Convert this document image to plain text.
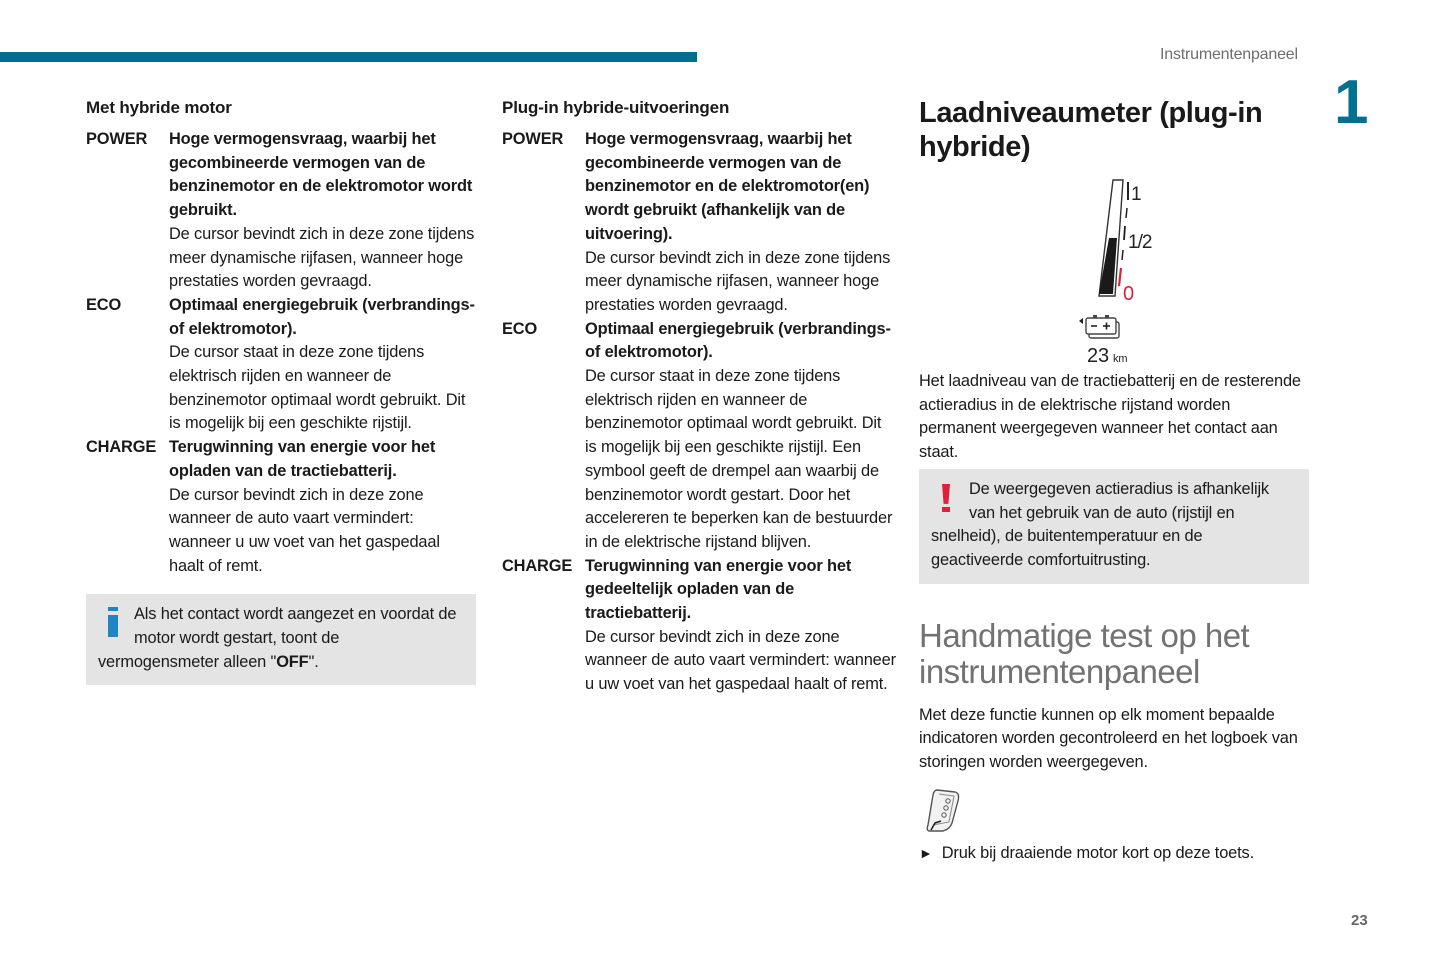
Instrumentenpaneel
1
Met hybride motor
POWER	Hoge vermogensvraag, waarbij het gecombineerde vermogen van de benzinemotor en de elektromotor wordt gebruikt.
De cursor bevindt zich in deze zone tijdens meer dynamische rijfasen, wanneer hoge prestaties worden gevraagd.
ECO	Optimaal energiegebruik (verbrandings- of elektromotor).
De cursor staat in deze zone tijdens elektrisch rijden en wanneer de benzinemotor optimaal wordt gebruikt. Dit is mogelijk bij een geschikte rijstijl.
CHARGE Terugwinning van energie voor het opladen van de tractiebatterij.
De cursor bevindt zich in deze zone wanneer de auto vaart vermindert: wanneer u uw voet van het gaspedaal haalt of remt.
Als het contact wordt aangezet en voordat de motor wordt gestart, toont de vermogensmeter alleen "OFF".
Plug-in hybride-uitvoeringen
POWER	Hoge vermogensvraag, waarbij het gecombineerde vermogen van de benzinemotor en de elektromotor(en) wordt gebruikt (afhankelijk van de uitvoering).
De cursor bevindt zich in deze zone tijdens meer dynamische rijfasen, wanneer hoge prestaties worden gevraagd.
ECO	Optimaal energiegebruik (verbrandings- of elektromotor).
De cursor staat in deze zone tijdens elektrisch rijden en wanneer de benzinemotor optimaal wordt gebruikt. Dit is mogelijk bij een geschikte rijstijl. Een symbool geeft de drempel aan waarbij de benzinemotor wordt gestart. Door het accelereren te beperken kan de bestuurder in de elektrische rijstand blijven.
CHARGE Terugwinning van energie voor het gedeeltelijk opladen van de tractiebatterij.
De cursor bevindt zich in deze zone wanneer de auto vaart vermindert: wanneer u uw voet van het gaspedaal haalt of remt.
Laadniveaumeter (plug-in hybride)
1
1/2
0
23 km

Het laadniveau van de tractiebatterij en de resterende actieradius in de elektrische rijstand worden permanent weergegeven wanneer het contact aan staat.

De weergegeven actieradius is afhankelijk van het gebruik van de auto (rijstijl en snelheid), de buitentemperatuur en de geactiveerde comfortuitrusting.
Handmatige test op het instrumentenpaneel

Met deze functie kunnen op elk moment bepaalde indicatoren worden gecontroleerd en het logboek van storingen worden weergegeven.

► Druk bij draaiende motor kort op deze toets.
23
